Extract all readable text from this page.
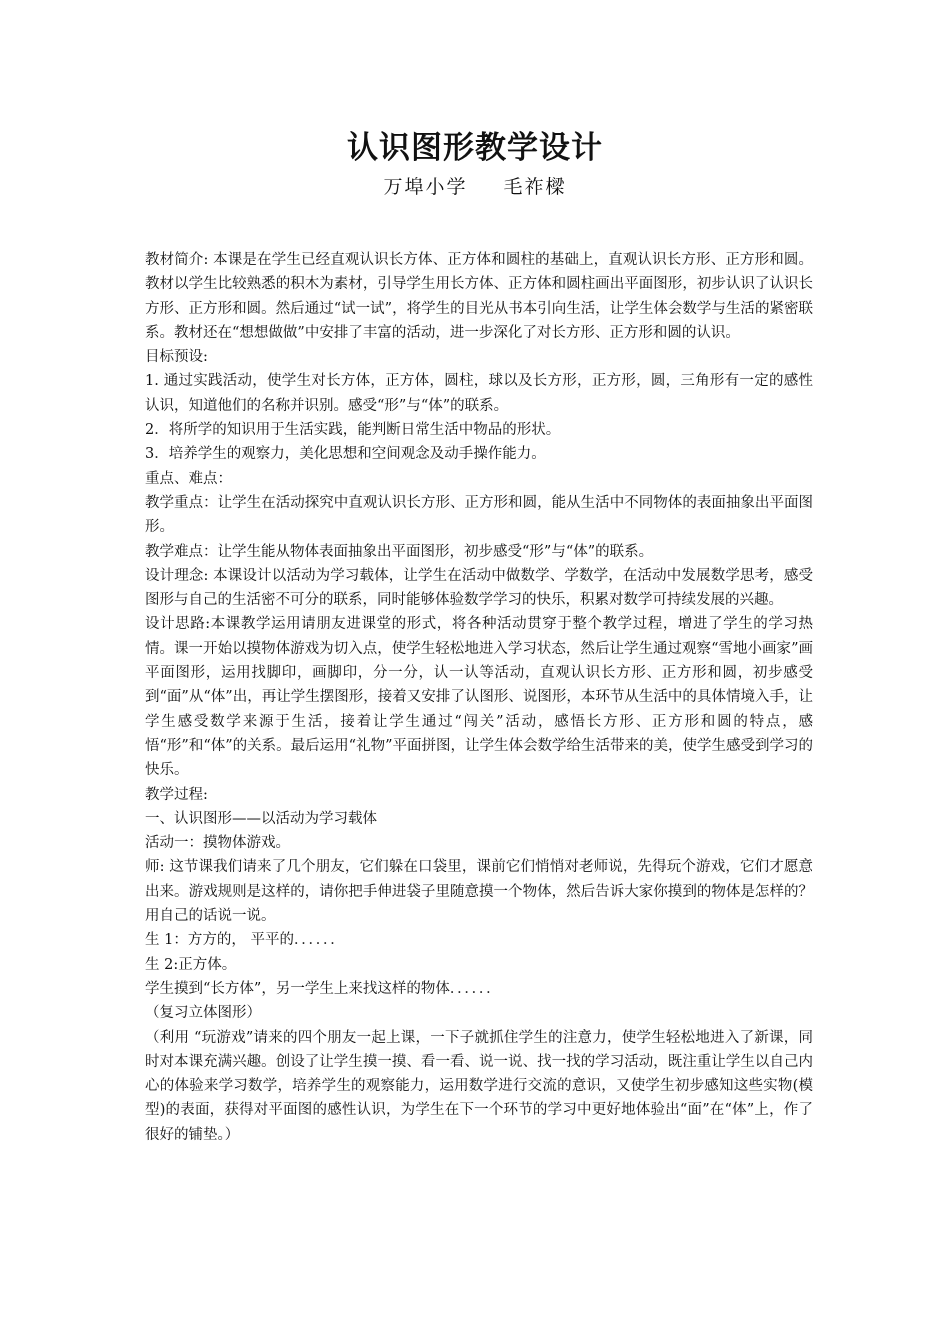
认识图形教学设计
万埠小学 毛祚樑

教材简介: 本课是在学生已经直观认识长方体、正方体和圆柱的基础上，直观认识长方形、正方形和圆。教材以学生比较熟悉的积木为素材，引导学生用长方体、正方体和圆柱画出平面图形，初步认识了认识长方形、正方形和圆。然后通过“试一试”，将学生的目光从书本引向生活，让学生体会数学与生活的紧密联系。教材还在“想想做做”中安排了丰富的活动，进一步深化了对长方形、正方形和圆的认识。

目标预设:

1. 通过实践活动，使学生对长方体，正方体，圆柱，球以及长方形，正方形，圆，三角形有一定的感性认识，知道他们的名称并识别。感受“形”与“体”的联系。

2．将所学的知识用于生活实践，能判断日常生活中物品的形状。

3．培养学生的观察力，美化思想和空间观念及动手操作能力。

重点、难点：

教学重点：让学生在活动探究中直观认识长方形、正方形和圆，能从生活中不同物体的表面抽象出平面图形。

教学难点：让学生能从物体表面抽象出平面图形，初步感受“形”与“体”的联系。

设计理念: 本课设计以活动为学习载体，让学生在活动中做数学、学数学，在活动中发展数学思考，感受图形与自己的生活密不可分的联系，同时能够体验数学学习的快乐，积累对数学可持续发展的兴趣。

设计思路:本课教学运用请朋友进课堂的形式，将各种活动贯穿于整个教学过程，增进了学生的学习热情。课一开始以摸物体游戏为切入点，使学生轻松地进入学习状态，然后让学生通过观察“雪地小画家”画平面图形，运用找脚印，画脚印，分一分，认一认等活动，直观认识长方形、正方形和圆，初步感受到“面”从“体”出，再让学生摆图形，接着又安排了认图形、说图形，本环节从生活中的具体情境入手，让学生感受数学来源于生活，接着让学生通过“闯关”活动，感悟长方形、正方形和圆的特点，感悟“形”和“体”的关系。最后运用“礼物”平面拼图，让学生体会数学给生活带来的美，使学生感受到学习的快乐。

教学过程:

一、认识图形——以活动为学习载体

活动一：摸物体游戏。

师: 这节课我们请来了几个朋友，它们躲在口袋里，课前它们悄悄对老师说，先得玩个游戏，它们才愿意出来。游戏规则是这样的，请你把手伸进袋子里随意摸一个物体，然后告诉大家你摸到的物体是怎样的？用自己的话说一说。

生 1：方方的， 平平的．．．．．．

生 2:正方体。

学生摸到“长方体”，另一学生上来找这样的物体．．．．．．

（复习立体图形）

（利用 “玩游戏”请来的四个朋友一起上课，一下子就抓住学生的注意力，使学生轻松地进入了新课，同时对本课充满兴趣。创设了让学生摸一摸、看一看、说一说、找一找的学习活动，既注重让学生以自己内心的体验来学习数学，培养学生的观察能力，运用数学进行交流的意识，又使学生初步感知这些实物(模型)的表面，获得对平面图的感性认识，为学生在下一个环节的学习中更好地体验出“面”在“体”上，作了很好的铺垫。）
